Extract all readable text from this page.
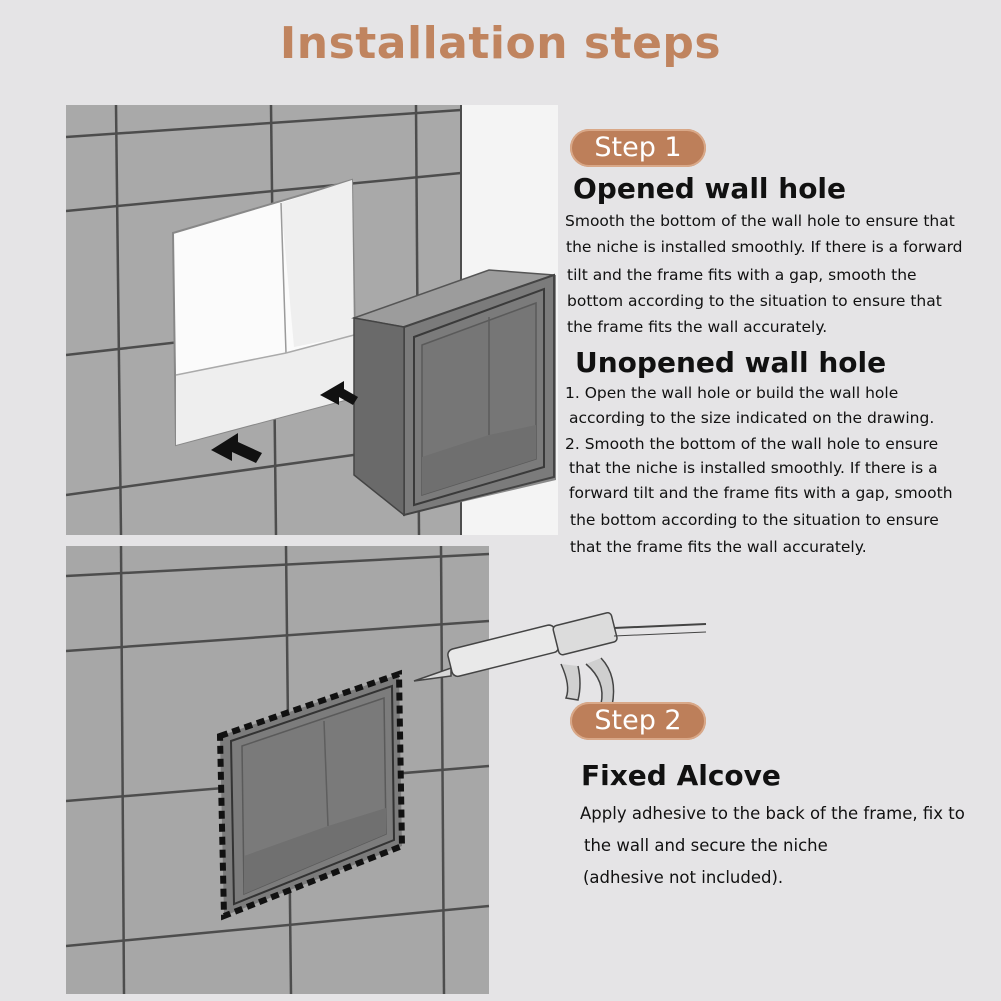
Installation steps
Step 1
Opened wall hole
Smooth the bottom of the wall hole to ensure that
the niche is installed smoothly. If there is a forward
tilt and the frame fits with a gap, smooth the
bottom according to the situation to ensure that
the frame fits the wall accurately.
Unopened wall hole
1. Open the wall hole or build the wall hole
according to the size indicated on the drawing.
2. Smooth the bottom of the wall hole to ensure
that the niche is installed smoothly. If there is a
forward tilt and the frame fits with a gap, smooth
the bottom according to the situation to ensure
that the frame fits the wall accurately.
Step 2
Fixed Alcove
Apply adhesive to the back of the frame, fix to
the wall and secure the niche
(adhesive not included).
